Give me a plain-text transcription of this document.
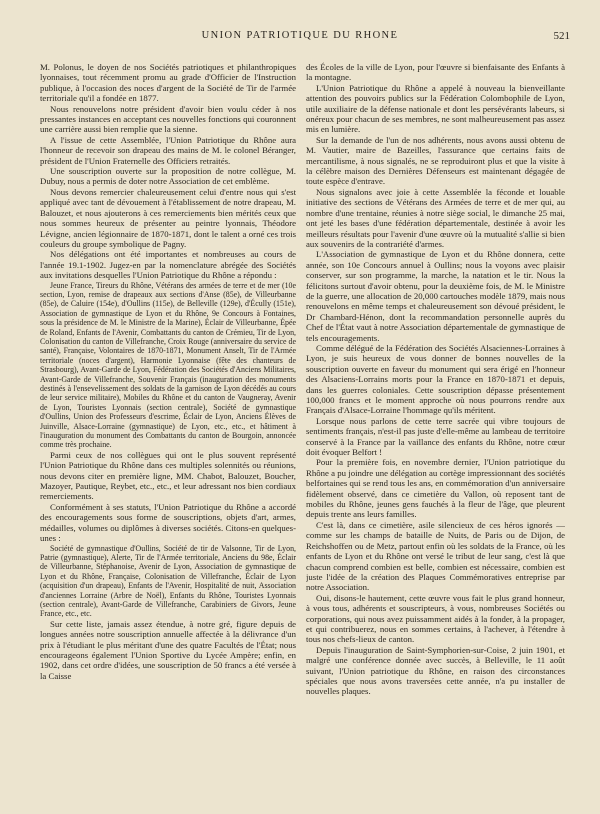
UNION PATRIOTIQUE DU RHONE	521

M. Polonus, le doyen de nos Sociétés patriotiques et philanthropiques lyonnaises, tout récemment promu au grade d'Officier de l'Instruction publique, à l'occasion des noces d'argent de la Société de Tir de l'armée territoriale qu'il a fondée en 1877.

Nous renouvelons notre président d'avoir bien voulu céder à nos pressantes instances en acceptant ces nouvelles fonctions qui couronnent une carrière aussi bien remplie que la sienne.

A l'issue de cette Assemblée, l'Union Patriotique du Rhône aura l'honneur de recevoir son drapeau des mains de M. le colonel Béranger, président de l'Union Fraternelle des Officiers retraités.

Une souscription ouverte sur la proposition de notre collègue, M. Dubuy, nous a permis de doter notre Association de cet emblème.

Nous devons remercier chaleureusement celui d'entre nous qui s'est appliqué avec tant de dévouement à l'établissement de notre drapeau, M. Balouzet, et nous ajouterons à ces remerciements bien mérités ceux que nous sommes heureux de présenter au peintre lyonnais, Théodore Lévigne, ancien légionnaire de 1870-1871, dont le talent a orné ces trois couleurs du groupe symbolique de Pagny.

Nos délégations ont été importantes et nombreuses au cours de l'année 19.1-1902. Jugez-en par la nomenclature abrégée des Sociétés aux invitations desquelles l'Union Patriotique du Rhône a répondu :

Jeune France, Tireurs du Rhône, Vétérans des armées de terre et de mer (10e section, Lyon, remise de drapeaux aux sections d'Anse (85e), de Villeurbanne (85e), de Caluire (154e), d'Oullins (115e), de Belleville (129e), d'Écully (151e), Association de gymnastique de Lyon et du Rhône, 9e Concours à Fontaines, sous la présidence de M. le Ministre de la Marine), Éclair de Villeurbanne, Épée de Roland, Enfants de l'Avenir, Combattants du canton de Crémieu, Tir de Lyon, Colonisation du canton de Villefranche, Croix Rouge (anniversaire du service de santé), Française, Volontaires de 1870-1871, Monument Anselt, Tir de l'Armée territoriale (noces d'argent), Harmonie Lyonnaise (fête des chanteurs de Strasbourg), Avant-Garde de Lyon, Fédération des Sociétés d'Anciens Militaires, Avant-Garde de Villefranche, Souvenir Français (inauguration des monuments destinés à l'ensevelissement des soldats de la garnison de Lyon décédés au cours de leur service militaire), Mobiles du Rhône et du canton de Vaugneray, Avenir de Lyon, Touristes Lyonnais (section centrale), Société de gymnastique d'Oullins, Union des Professeurs d'escrime, Éclair de Lyon, Anciens Élèves de Juinville, Alsace-Lorraine (gymnastique) de Lyon, etc., etc., et hâtiment à l'inauguration du monument des Combattants du canton de Bourgoin, annoncée comme très prochaine.

Parmi ceux de nos collègues qui ont le plus souvent représenté l'Union Patriotique du Rhône dans ces multiples solennités ou réunions, nous devons citer en première ligne, MM. Chabot, Balouzet, Boucher, Mazoyer, Pautique, Reybet, etc., etc., et leur adressant nos bien cordiaux remerciements.

Conformément à ses statuts, l'Union Patriotique du Rhône a accordé des encouragements sous forme de souscriptions, objets d'art, armes, médailles, volumes ou diplômes à diverses sociétés. Citons-en quelques-unes :

Société de gymnastique d'Oullins, Société de tir de Valsonne, Tir de Lyon, Patrie (gymnastique), Alerte, Tir de l'Armée territoriale, Anciens du 98e, Éclair de Villeurbanne, Stéphanoise, Avenir de Lyon, Association de gymnastique de Lyon et du Rhône, Française, Colonisation de Villefranche, Éclair de Lyon (acquisition d'un drapeau), Enfants de l'Avenir, Hospitalité de nuit, Association d'anciennes Lorraine (Arbre de Noël), Enfants du Rhône, Touristes Lyonnais (section centrale), Avant-Garde de Villefranche, Carabiniers de Givors, Jeune France, etc., etc.

Sur cette liste, jamais assez étendue, à notre gré, figure depuis de longues années notre souscription annuelle affectée à la délivrance d'un prix à l'étudiant le plus méritant d'une des quatre Facultés de l'État; nous encourageons également l'Union Sportive du Lycée Ampère; enfin, en 1902, dans cet ordre d'idées, une souscription de 50 francs a été versée à la Caisse

des Écoles de la ville de Lyon, pour l'œuvre si bienfaisante des Enfants à la montagne.

L'Union Patriotique du Rhône a appelé à nouveau la bienveillante attention des pouvoirs publics sur la Fédération Colombophile de Lyon, utile auxiliaire de la défense nationale et dont les persévérants labeurs, si onéreux pour chacun de ses membres, ne sont malheureusement pas assez mis en lumière.

Sur la demande de l'un de nos adhérents, nous avons aussi obtenu de M. Vautier, maire de Bazeilles, l'assurance que certains faits de mercantilisme, à nous signalés, ne se reproduiront plus et que la visite à la célèbre maison des Dernières Défenseurs est maintenant dégagée de toute espèce d'entrave.

Nous signalons avec joie à cette Assemblée la féconde et louable initiative des sections de Vétérans des Armées de terre et de mer qui, au nombre d'une trentaine, réunies à notre siège social, le dimanche 25 mai, ont jeté les bases d'une fédération départementale, destinée à avoir les meilleurs résultats pour l'avenir d'une œuvre où la mutualité s'allie si bien aux souvenirs de la contrariété d'armes.

L'Association de gymnastique de Lyon et du Rhône donnera, cette année, son 10e Concours annuel à Oullins; nous la voyons avec plaisir conserver, sur son programme, la marche, la natation et le tir. Nous la félicitons surtout d'avoir obtenu, pour la deuxième fois, de M. le Ministre de la guerre, une allocation de 20,000 cartouches modèle 1879, mais nous renouvelons en même temps et chaleureusement son dévoué président, le Dr Chambard-Hénon, dont la recommandation personnelle auprès du Chef de l'État vaut à notre Association départementale de gymnastique de tels encouragements.

Comme délégué de la Fédération des Sociétés Alsaciennes-Lorraines à Lyon, je suis heureux de vous donner de bonnes nouvelles de la souscription ouverte en faveur du monument qui sera érigé en l'honneur des Alsaciens-Lorrains morts pour la France en 1870-1871 et depuis, dans les guerres coloniales. Cette souscription dépasse présentement 100,000 francs et le moment approche où nous pourrons rendre aux Français d'Alsace-Lorraine l'hommage qu'ils méritent.

Lorsque nous parlons de cette terre sacrée qui vibre toujours de sentiments français, n'est-il pas juste d'elle-même au lambeau de territoire conservé à la France par la vaillance des enfants du Rhône, notre cœur doit évoquer Belfort !

Pour la première fois, en novembre dernier, l'Union patriotique du Rhône a pu joindre une délégation au cortège impressionnant des sociétés belfortaines qui se rend tous les ans, en commémoration d'un anniversaire fidèlement observé, dans ce cimetière du Vallon, où reposent tant de mobiles du Rhône, jeunes gens fauchés à la fleur de l'âge, que pleurent depuis trente ans leurs familles.

C'est là, dans ce cimetière, asile silencieux de ces héros ignorés — comme sur les champs de bataille de Nuits, de Paris ou de Dijon, de Reichshoffen ou de Metz, partout enfin où les soldats de la France, où les enfants de Lyon et du Rhône ont versé le tribut de leur sang, c'est là que chacun comprend combien est belle, combien est nécessaire, combien est juste l'idée de la création des Plaques Commémoratives entreprise par notre Association.

Oui, disons-le hautement, cette œuvre vous fait le plus grand honneur, à vous tous, adhérents et souscripteurs, à vous, nombreuses Sociétés ou corporations, qui nous avez puissamment aidés à la fonder, à la propager, et qui contribuerez, nous en sommes certains, à l'achever, à l'étendre à tous nos chefs-lieux de canton.

Depuis l'inauguration de Saint-Symphorien-sur-Coise, 2 juin 1901, et malgré une conférence donnée avec succès, à Belleville, le 11 août suivant, l'Union patriotique du Rhône, en raison des circonstances spéciales que nous avons traversées cette année, n'a pu installer de nouvelles plaques.
